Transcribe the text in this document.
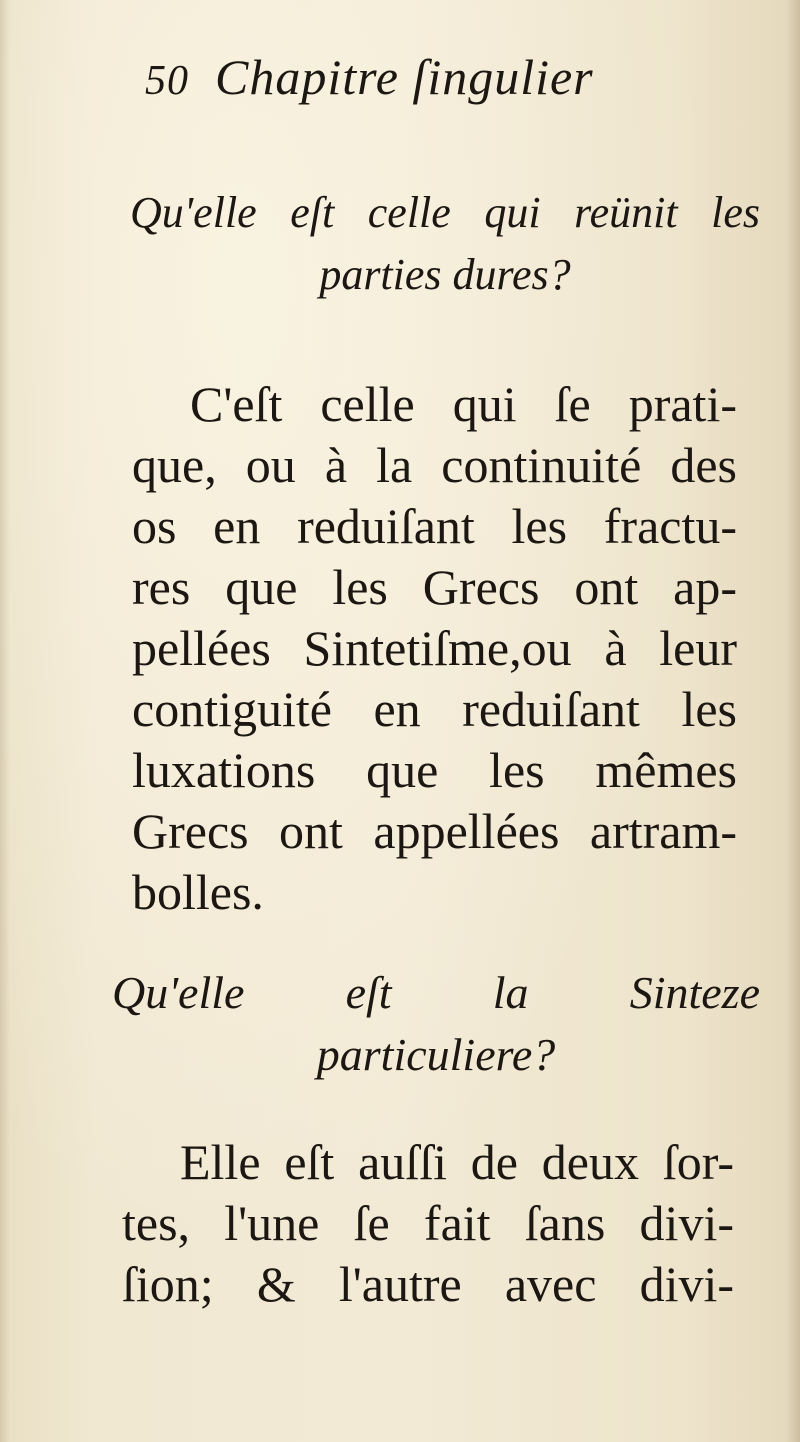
50 Chapitre ſingulier
Qu'elle eſt celle qui reünit les
parties dures?
C'eſt celle qui ſe prati-
que, ou à la continuité des
os en reduiſant les fractu-
res que les Grecs ont ap-
pellées Sintetiſme,ou à leur
contiguité en reduiſant les
luxations que les mêmes
Grecs ont appellées artram-
bolles.
Qu'elle eſt la Sinteze
particuliere?
Elle eſt auſſi de deux ſor-
tes, l'une ſe fait ſans divi-
ſion; & l'autre avec divi-
